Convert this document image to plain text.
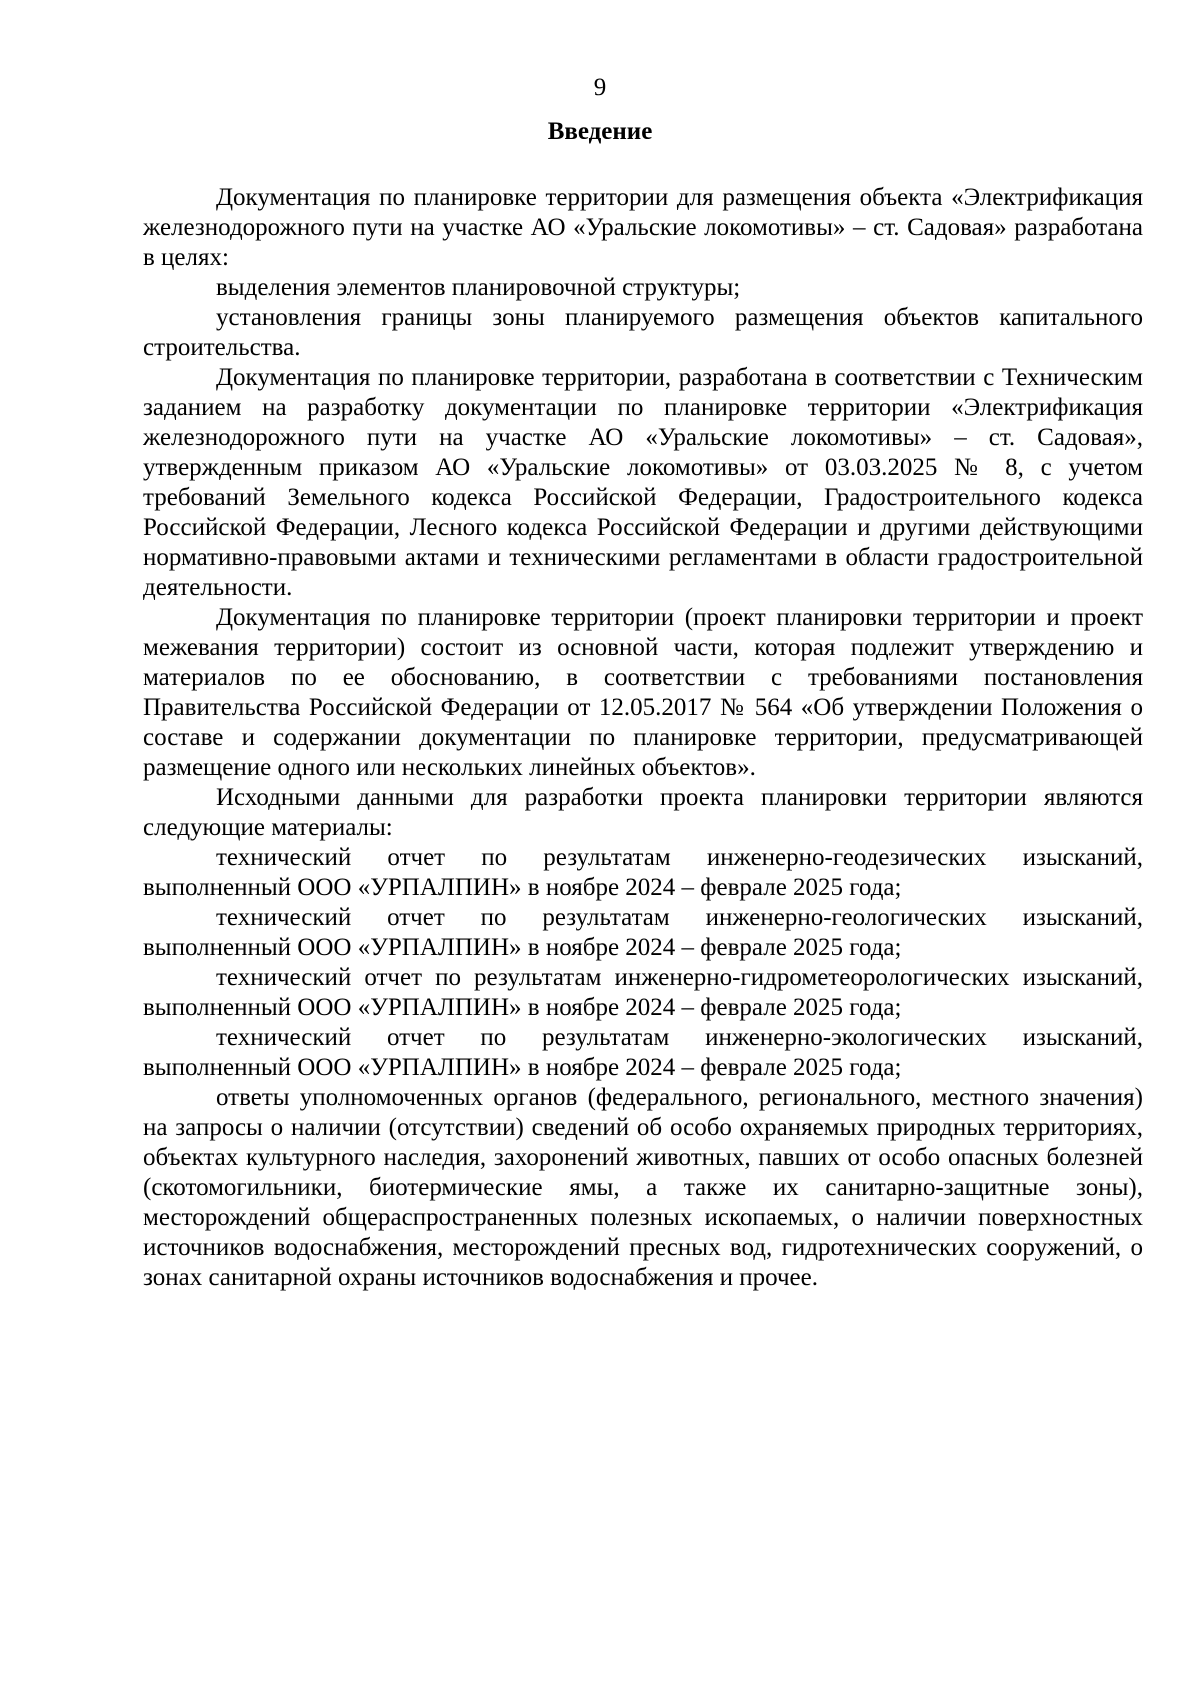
9
Введение

Документация по планировке территории для размещения объекта «Электрификация железнодорожного пути на участке АО «Уральские локомотивы» – ст. Садовая» разработана в целях:

выделения элементов планировочной структуры;

установления границы зоны планируемого размещения объектов капитального строительства.

Документация по планировке территории, разработана в соответствии с Техническим заданием на разработку документации по планировке территории «Электрификация железнодорожного пути на участке АО «Уральские локомотивы» – ст. Садовая», утвержденным приказом АО «Уральские локомотивы» от 03.03.2025 № 8, с учетом требований Земельного кодекса Российской Федерации, Градостроительного кодекса Российской Федерации, Лесного кодекса Российской Федерации и другими действующими нормативно-правовыми актами и техническими регламентами в области градостроительной деятельности.

Документация по планировке территории (проект планировки территории и проект межевания территории) состоит из основной части, которая подлежит утверждению и материалов по ее обоснованию, в соответствии с требованиями постановления Правительства Российской Федерации от 12.05.2017 № 564 «Об утверждении Положения о составе и содержании документации по планировке территории, предусматривающей размещение одного или нескольких линейных объектов».

Исходными данными для разработки проекта планировки территории являются следующие материалы:

технический отчет по результатам инженерно-геодезических изысканий, выполненный ООО «УРПАЛПИН» в ноябре 2024 – феврале 2025 года;

технический отчет по результатам инженерно-геологических изысканий, выполненный ООО «УРПАЛПИН» в ноябре 2024 – феврале 2025 года;

технический отчет по результатам инженерно-гидрометеорологических изысканий, выполненный ООО «УРПАЛПИН» в ноябре 2024 – феврале 2025 года;

технический отчет по результатам инженерно-экологических изысканий, выполненный ООО «УРПАЛПИН» в ноябре 2024 – феврале 2025 года;

ответы уполномоченных органов (федерального, регионального, местного значения) на запросы о наличии (отсутствии) сведений об особо охраняемых природных территориях, объектах культурного наследия, захоронений животных, павших от особо опасных болезней (скотомогильники, биотермические ямы, а также их санитарно-защитные зоны), месторождений общераспространенных полезных ископаемых, о наличии поверхностных источников водоснабжения, месторождений пресных вод, гидротехнических сооружений, о зонах санитарной охраны источников водоснабжения и прочее.
